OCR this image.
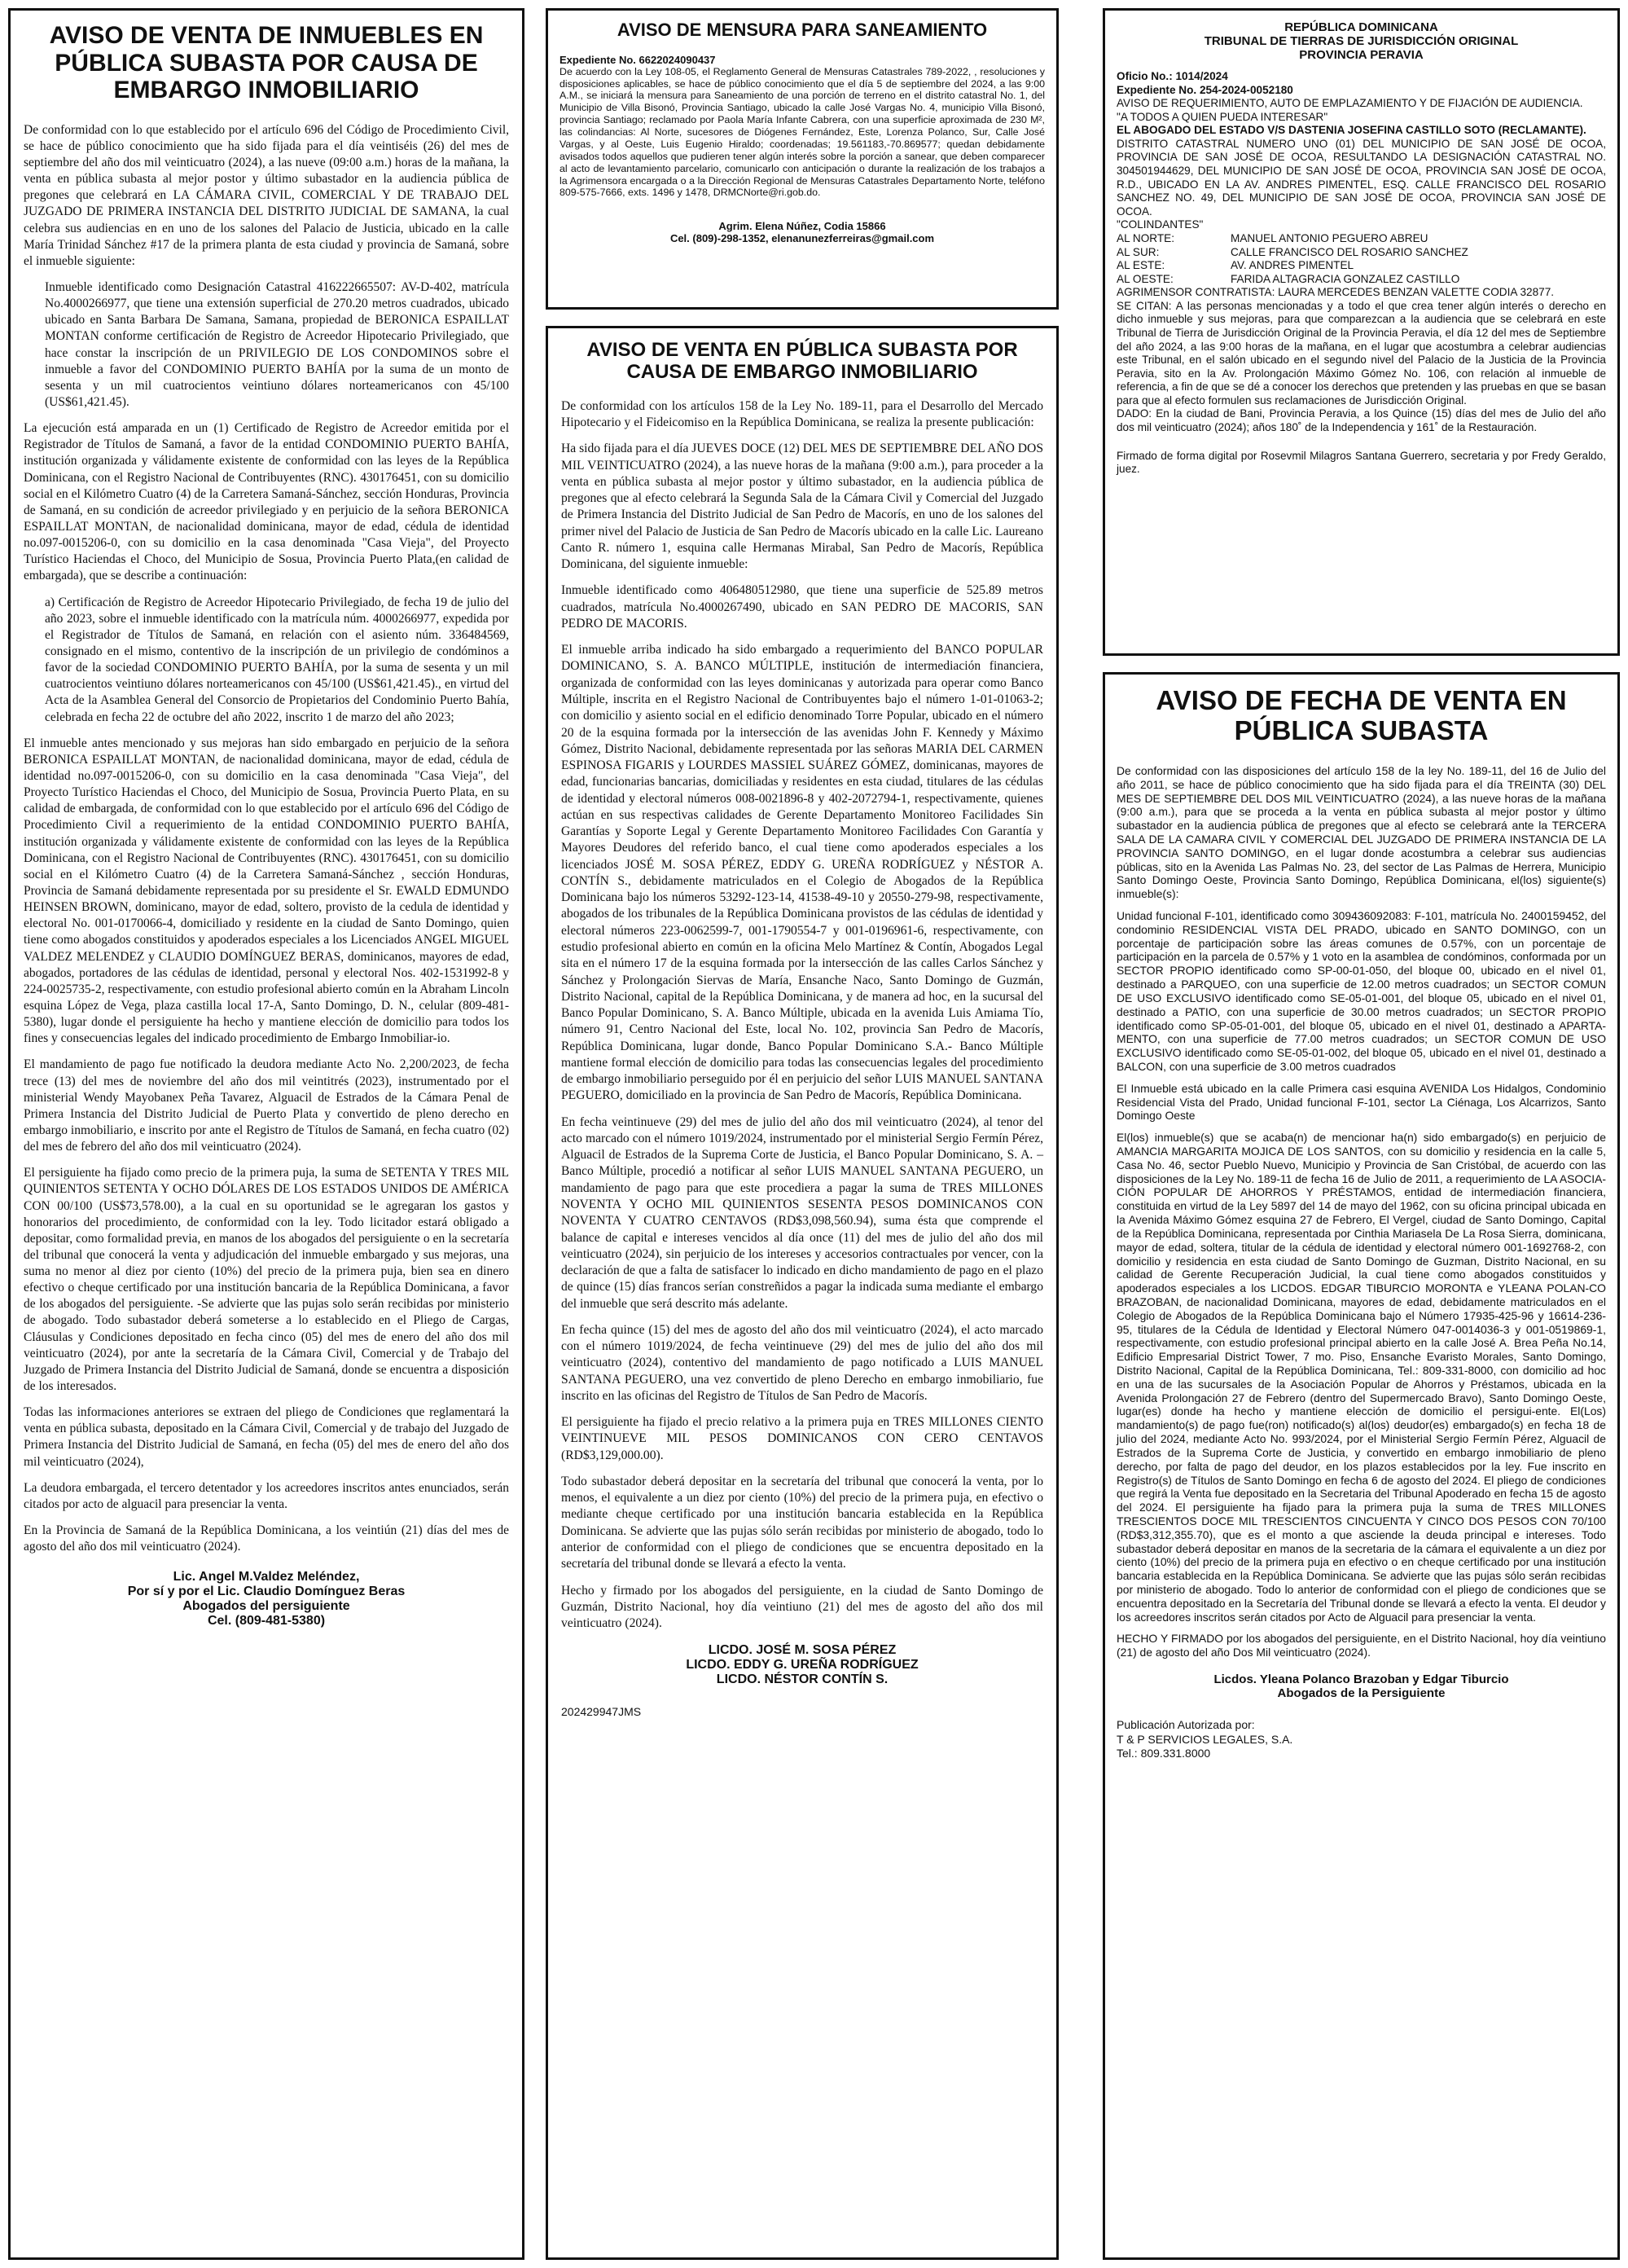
AVISO DE VENTA DE INMUEBLES EN
PÚBLICA SUBASTA POR CAUSA DE
EMBARGO INMOBILIARIO

De conformidad con lo que establecido por el artículo 696 del Código de Procedimiento Civil, se hace de público conocimiento que ha sido fijada para el día veintiséis (26) del mes de septiembre del año dos mil veinticuatro (2024), a las nueve (09:00 a.m.) horas de la mañana, la venta en pública subasta al mejor postor y último subastador en la audiencia pública de pregones que celebrará en LA CÁMARA CIVIL, COMERCIAL Y DE TRABAJO DEL JUZGADO DE PRIMERA INSTANCIA DEL DISTRITO JUDICIAL DE SAMANA, la cual celebra sus audiencias en en uno de los salones del Palacio de Justicia, ubicado en la calle María Trinidad Sánchez #17 de la primera planta de esta ciudad y provincia de Samaná, sobre el inmueble siguiente:

Inmueble identificado como Designación Catastral 416222665507: AV-D-402, matrícula No.4000266977, que tiene una extensión superficial de 270.20 metros cuadrados, ubicado ubicado en Santa Barbara De Samana, Samana, propiedad de BERONICA ESPAILLAT MONTAN conforme certificación de Registro de Acreedor Hipotecario Privilegiado, que hace constar la inscripción de un PRIVILEGIO DE LOS CONDOMINOS sobre el inmueble a favor del CONDOMINIO PUERTO BAHÍA por la suma de un monto de sesenta y un mil cuatrocientos veintiuno dólares norteamericanos con 45/100 (US$61,421.45).

La ejecución está amparada en un (1) Certificado de Registro de Acreedor emitida por el Registrador de Títulos de Samaná, a favor de la entidad CONDOMINIO PUERTO BAHÍA, institución organizada y válidamente existente de conformidad con las leyes de la República Dominicana, con el Registro Nacional de Contribuyentes (RNC). 430176451, con su domicilio social en el Kilómetro Cuatro (4) de la Carretera Samaná-Sánchez, sección Honduras, Provincia de Samaná, en su condición de acreedor privilegiado y en perjuicio de la señora BERONICA ESPAILLAT MONTAN, de nacionalidad dominicana, mayor de edad, cédula de identidad no.097-0015206-0, con su domicilio en la casa denominada "Casa Vieja", del Proyecto Turístico Haciendas el Choco, del Municipio de Sosua, Provincia Puerto Plata,(en calidad de embargada), que se describe a continuación:

a) Certificación de Registro de Acreedor Hipotecario Privilegiado, de fecha 19 de julio del año 2023, sobre el inmueble identificado con la matrícula núm. 4000266977, expedida por el Registrador de Títulos de Samaná, en relación con el asiento núm. 336484569, consignado en el mismo, contentivo de la inscripción de un privilegio de condóminos a favor de la sociedad CONDOMINIO PUERTO BAHÍA, por la suma de sesenta y un mil cuatrocientos veintiuno dólares norteamericanos con 45/100 (US$61,421.45)., en virtud del Acta de la Asamblea General del Consorcio de Propietarios del Condominio Puerto Bahía, celebrada en fecha 22 de octubre del año 2022, inscrito 1 de marzo del año 2023;

El inmueble antes mencionado y sus mejoras han sido embargado en perjuicio de la señora BERONICA ESPAILLAT MONTAN, de nacionalidad dominicana, mayor de edad, cédula de identidad no.097-0015206-0, con su domicilio en la casa denominada "Casa Vieja", del Proyecto Turístico Haciendas el Choco, del Municipio de Sosua, Provincia Puerto Plata, en su calidad de embargada, de conformidad con lo que establecido por el artículo 696 del Código de Procedimiento Civil a requerimiento de la entidad CONDOMINIO PUERTO BAHÍA, institución organizada y válidamente existente de conformidad con las leyes de la República Dominicana, con el Registro Nacional de Contribuyentes (RNC). 430176451, con su domicilio social en el Kilómetro Cuatro (4) de la Carretera Samaná-Sánchez , sección Honduras, Provincia de Samaná debidamente representada por su presidente el Sr. EWALD EDMUNDO HEINSEN BROWN, dominicano, mayor de edad, soltero, provisto de la cedula de identidad y electoral No. 001-0170066-4, domiciliado y residente en la ciudad de Santo Domingo, quien tiene como abogados constituidos y apoderados especiales a los Licenciados ANGEL MIGUEL VALDEZ MELENDEZ y CLAUDIO DOMÍNGUEZ BERAS, dominicanos, mayores de edad, abogados, portadores de las cédulas de identidad, personal y electoral Nos. 402-1531992-8 y 224-0025735-2, respectivamente, con estudio profesional abierto común en la Abraham Lincoln esquina López de Vega, plaza castilla local 17-A, Santo Domingo, D. N., celular (809-481-5380), lugar donde el persiguiente ha hecho y mantiene elección de domicilio para todos los fines y consecuencias legales del indicado procedimiento de Embargo Inmobiliar-io.

El mandamiento de pago fue notificado la deudora mediante Acto No. 2,200/2023, de fecha trece (13) del mes de noviembre del año dos mil veintitrés (2023), instrumentado por el ministerial Wendy Mayobanex Peña Tavarez, Alguacil de Estrados de la Cámara Penal de Primera Instancia del Distrito Judicial de Puerto Plata y convertido de pleno derecho en embargo inmobiliario, e inscrito por ante el Registro de Títulos de Samaná, en fecha cuatro (02) del mes de febrero del año dos mil veinticuatro (2024).

El persiguiente ha fijado como precio de la primera puja, la suma de SETENTA Y TRES MIL QUINIENTOS SETENTA Y OCHO DÓLARES DE LOS ESTADOS UNIDOS DE AMÉRICA CON 00/100 (US$73,578.00), a la cual en su oportunidad se le agregaran los gastos y honorarios del procedimiento, de conformidad con la ley. Todo licitador estará obligado a depositar, como formalidad previa, en manos de los abogados del persiguiente o en la secretaría del tribunal que conocerá la venta y adjudicación del inmueble embargado y sus mejoras, una suma no menor al diez por ciento (10%) del precio de la primera puja, bien sea en dinero efectivo o cheque certificado por una institución bancaria de la República Dominicana, a favor de los abogados del persiguiente. -Se advierte que las pujas solo serán recibidas por ministerio de abogado. Todo subastador deberá someterse a lo establecido en el Pliego de Cargas, Cláusulas y Condiciones depositado en fecha cinco (05) del mes de enero del año dos mil veinticuatro (2024), por ante la secretaría de la Cámara Civil, Comercial y de Trabajo del Juzgado de Primera Instancia del Distrito Judicial de Samaná, donde se encuentra a disposición de los interesados.

Todas las informaciones anteriores se extraen del pliego de Condiciones que reglamentará la venta en pública subasta, depositado en la Cámara Civil, Comercial y de trabajo del Juzgado de Primera Instancia del Distrito Judicial de Samaná, en fecha (05) del mes de enero del año dos mil veinticuatro (2024),

La deudora embargada, el tercero detentador y los acreedores inscritos antes enunciados, serán citados por acto de alguacil para presenciar la venta.

En la Provincia de Samaná de la República Dominicana, a los veintiún (21) días del mes de agosto del año dos mil veinticuatro (2024).

Lic. Angel M.Valdez Meléndez,
Por sí y por el Lic. Claudio Domínguez Beras
Abogados del persiguiente
Cel. (809-481-5380)
AVISO DE MENSURA PARA SANEAMIENTO
Expediente No. 6622024090437
De acuerdo con la Ley 108-05, el Reglamento General de Mensuras Catastrales 789-2022, , resoluciones y disposiciones aplicables, se hace de público conocimiento que el día 5 de septiembre del 2024, a las 9:00 A.M., se iniciará la mensura para Saneamiento de una porción de terreno en el distrito catastral No. 1, del Municipio de Villa Bisonó, Provincia Santiago, ubicado la calle José Vargas No. 4, municipio Villa Bisonó, provincia Santiago; reclamado por Paola María Infante Cabrera, con una superficie aproximada de 230 M², las colindancias: Al Norte, sucesores de Diógenes Fernández, Este, Lorenza Polanco, Sur, Calle José Vargas, y al Oeste, Luis Eugenio Hiraldo; coordenadas; 19.561183,-70.869577; quedan debidamente avisados todos aquellos que pudieren tener algún interés sobre la porción a sanear, que deben comparecer al acto de levantamiento parcelario, comunicarlo con anticipación o durante la realización de los trabajos a la Agrimensora encargada o a la Dirección Regional de Mensuras Catastrales Departamento Norte, teléfono 809-575-7666, exts. 1496 y 1478, DRMCNorte@ri.gob.do.
Agrim. Elena Núñez, Codia 15866
Cel. (809)-298-1352, elenanunezferreiras@gmail.com
AVISO DE VENTA EN PÚBLICA SUBASTA POR
CAUSA DE EMBARGO INMOBILIARIO

De conformidad con los artículos 158 de la Ley No. 189-11, para el Desarrollo del Mercado Hipotecario y el Fideicomiso en la República Dominicana, se realiza la presente publicación:

Ha sido fijada para el día JUEVES DOCE (12) DEL MES DE SEPTIEMBRE DEL AÑO DOS MIL VEINTICUATRO (2024), a las nueve horas de la mañana (9:00 a.m.), para proceder a la venta en pública subasta al mejor postor y último subastador, en la audiencia pública de pregones que al efecto celebrará la Segunda Sala de la Cámara Civil y Comercial del Juzgado de Primera Instancia del Distrito Judicial de San Pedro de Macorís, en uno de los salones del primer nivel del Palacio de Justicia de San Pedro de Macorís ubicado en la calle Lic. Laureano Canto R. número 1, esquina calle Hermanas Mirabal, San Pedro de Macorís, República Dominicana, del siguiente inmueble:

Inmueble identificado como 406480512980, que tiene una superficie de 525.89 metros cuadrados, matrícula No.4000267490, ubicado en SAN PEDRO DE MACORIS, SAN PEDRO DE MACORIS.

El inmueble arriba indicado ha sido embargado a requerimiento del BANCO POPULAR DOMINICANO, S. A. BANCO MÚLTIPLE, institución de intermediación financiera, organizada de conformidad con las leyes dominicanas y autorizada para operar como Banco Múltiple, inscrita en el Registro Nacional de Contribuyentes bajo el número 1-01-01063-2; con domicilio y asiento social en el edificio denominado Torre Popular, ubicado en el número 20 de la esquina formada por la intersección de las avenidas John F. Kennedy y Máximo Gómez, Distrito Nacional, debidamente representada por las señoras MARIA DEL CARMEN ESPINOSA FIGARIS y LOURDES MASSIEL SUÁREZ GÓMEZ, dominicanas, mayores de edad, funcionarias bancarias, domiciliadas y residentes en esta ciudad, titulares de las cédulas de identidad y electoral números 008-0021896-8 y 402-2072794-1, respectivamente, quienes actúan en sus respectivas calidades de Gerente Departamento Monitoreo Facilidades Sin Garantías y Soporte Legal y Gerente Departamento Monitoreo Facilidades Con Garantía y Mayores Deudores del referido banco, el cual tiene como apoderados especiales a los licenciados JOSÉ M. SOSA PÉREZ, EDDY G. UREÑA RODRÍGUEZ y NÉSTOR A. CONTÍN S., debidamente matriculados en el Colegio de Abogados de la República Dominicana bajo los números 53292-123-14, 41538-49-10 y 20550-279-98, respectivamente, abogados de los tribunales de la República Dominicana provistos de las cédulas de identidad y electoral números 223-0062599-7, 001-1790554-7 y 001-0196961-6, respectivamente, con estudio profesional abierto en común en la oficina Melo Martínez & Contín, Abogados Legal sita en el número 17 de la esquina formada por la intersección de las calles Carlos Sánchez y Sánchez y Prolongación Siervas de María, Ensanche Naco, Santo Domingo de Guzmán, Distrito Nacional, capital de la República Dominicana, y de manera ad hoc, en la sucursal del Banco Popular Dominicano, S. A. Banco Múltiple, ubicada en la avenida Luis Amiama Tío, número 91, Centro Nacional del Este, local No. 102, provincia San Pedro de Macorís, República Dominicana, lugar donde, Banco Popular Dominicano S.A.- Banco Múltiple mantiene formal elección de domicilio para todas las consecuencias legales del procedimiento de embargo inmobiliario perseguido por él en perjuicio del señor LUIS MANUEL SANTANA PEGUERO, domiciliado en la provincia de San Pedro de Macorís, República Dominicana.

En fecha veintinueve (29) del mes de julio del año dos mil veinticuatro (2024), al tenor del acto marcado con el número 1019/2024, instrumentado por el ministerial Sergio Fermín Pérez, Alguacil de Estrados de la Suprema Corte de Justicia, el Banco Popular Dominicano, S. A. – Banco Múltiple, procedió a notificar al señor LUIS MANUEL SANTANA PEGUERO, un mandamiento de pago para que este procediera a pagar la suma de TRES MILLONES NOVENTA Y OCHO MIL QUINIENTOS SESENTA PESOS DOMINICANOS CON NOVENTA Y CUATRO CENTAVOS (RD$3,098,560.94), suma ésta que comprende el balance de capital e intereses vencidos al día once (11) del mes de julio del año dos mil veinticuatro (2024), sin perjuicio de los intereses y accesorios contractuales por vencer, con la declaración de que a falta de satisfacer lo indicado en dicho mandamiento de pago en el plazo de quince (15) días francos serían constreñidos a pagar la indicada suma mediante el embargo del inmueble que será descrito más adelante.

En fecha quince (15) del mes de agosto del año dos mil veinticuatro (2024), el acto marcado con el número 1019/2024, de fecha veintinueve (29) del mes de julio del año dos mil veinticuatro (2024), contentivo del mandamiento de pago notificado a LUIS MANUEL SANTANA PEGUERO, una vez convertido de pleno Derecho en embargo inmobiliario, fue inscrito en las oficinas del Registro de Títulos de San Pedro de Macorís.

El persiguiente ha fijado el precio relativo a la primera puja en TRES MILLONES CIENTO VEINTINUEVE MIL PESOS DOMINICANOS CON CERO CENTAVOS (RD$3,129,000.00).

Todo subastador deberá depositar en la secretaría del tribunal que conocerá la venta, por lo menos, el equivalente a un diez por ciento (10%) del precio de la primera puja, en efectivo o mediante cheque certificado por una institución bancaria establecida en la República Dominicana. Se advierte que las pujas sólo serán recibidas por ministerio de abogado, todo lo anterior de conformidad con el pliego de condiciones que se encuentra depositado en la secretaría del tribunal donde se llevará a efecto la venta.

Hecho y firmado por los abogados del persiguiente, en la ciudad de Santo Domingo de Guzmán, Distrito Nacional, hoy día veintiuno (21) del mes de agosto del año dos mil veinticuatro (2024).

LICDO. JOSÉ M. SOSA PÉREZ
LICDO. EDDY G. UREÑA RODRÍGUEZ
LICDO. NÉSTOR CONTÍN S.
202429947JMS
REPÚBLICA DOMINICANA
TRIBUNAL DE TIERRAS DE JURISDICCIÓN ORIGINAL
PROVINCIA PERAVIA
Oficio No.: 1014/2024
Expediente No. 254-2024-0052180
AVISO DE REQUERIMIENTO, AUTO DE EMPLAZAMIENTO Y DE FIJACIÓN DE AUDIENCIA.
"A TODOS A QUIEN PUEDA INTERESAR"
EL ABOGADO DEL ESTADO V/S DASTENIA JOSEFINA CASTILLO SOTO (RECLAMANTE).
DISTRITO CATASTRAL NUMERO UNO (01) DEL MUNICIPIO DE SAN JOSÉ DE OCOA, PROVINCIA DE SAN JOSÉ DE OCOA, RESULTANDO LA DESIGNACIÓN CATASTRAL NO. 304501944629, DEL MUNICIPIO DE SAN JOSÉ DE OCOA, PROVINCIA SAN JOSÉ DE OCOA, R.D., UBICADO EN LA AV. ANDRES PIMENTEL, ESQ. CALLE FRANCISCO DEL ROSARIO SANCHEZ NO. 49, DEL MUNICIPIO DE SAN JOSÉ DE OCOA, PROVINCIA SAN JOSÉ DE OCOA.
"COLINDANTES"
AL NORTE:	MANUEL ANTONIO PEGUERO ABREU
AL SUR:	CALLE FRANCISCO DEL ROSARIO SANCHEZ
AL ESTE:	AV. ANDRES PIMENTEL
AL OESTE:	FARIDA ALTAGRACIA GONZALEZ CASTILLO
AGRIMENSOR CONTRATISTA: LAURA MERCEDES BENZAN VALETTE CODIA 32877.
SE CITAN: A las personas mencionadas y a todo el que crea tener algún interés o derecho en dicho inmueble y sus mejoras, para que comparezcan a la audiencia que se celebrará en este Tribunal de Tierra de Jurisdicción Original de la Provincia Peravia, el día 12 del mes de Septiembre del año 2024, a las 9:00 horas de la mañana, en el lugar que acostumbra a celebrar audiencias este Tribunal, en el salón ubicado en el segundo nivel del Palacio de la Justicia de la Provincia Peravia, sito en la Av. Prolongación Máximo Gómez No. 106, con relación al inmueble de referencia, a fin de que se dé a conocer los derechos que pretenden y las pruebas en que se basan para que al efecto formulen sus reclamaciones de Jurisdicción Original.
DADO: En la ciudad de Bani, Provincia Peravia, a los Quince (15) días del mes de Julio del año dos mil veinticuatro (2024); años 180˚ de la Independencia y 161˚ de la Restauración.
Firmado de forma digital por Rosevmil Milagros Santana Guerrero, secretaria y por Fredy Geraldo, juez.
AVISO DE FECHA DE VENTA EN
PÚBLICA SUBASTA

De conformidad con las disposiciones del artículo 158 de la ley No. 189-11, del 16 de Julio del año 2011, se hace de público conocimiento que ha sido fijada para el día TREINTA (30) DEL MES DE SEPTIEMBRE DEL DOS MIL VEINTICUATRO (2024), a las nueve horas de la mañana (9:00 a.m.), para que se proceda a la venta en pública subasta al mejor postor y último subastador en la audiencia pública de pregones que al efecto se celebrará ante la TERCERA SALA DE LA CAMARA CIVIL Y COMERCIAL DEL JUZGADO DE PRIMERA INSTANCIA DE LA PROVINCIA SANTO DOMINGO, en el lugar donde acostumbra a celebrar sus audiencias públicas, sito en la Avenida Las Palmas No. 23, del sector de Las Palmas de Herrera, Municipio Santo Domingo Oeste, Provincia Santo Domingo, República Dominicana, el(los) siguiente(s) inmueble(s):

Unidad funcional F-101, identificado como 309436092083: F-101, matrícula No. 2400159452, del condominio RESIDENCIAL VISTA DEL PRADO, ubicado en SANTO DOMINGO, con un porcentaje de participación sobre las áreas comunes de 0.57%, con un porcentaje de participación en la parcela de 0.57% y 1 voto en la asamblea de condóminos, conformada por un SECTOR PROPIO identificado como SP-00-01-050, del bloque 00, ubicado en el nivel 01, destinado a PARQUEO, con una superficie de 12.00 metros cuadrados; un SECTOR COMUN DE USO EXCLUSIVO identificado como SE-05-01-001, del bloque 05, ubicado en el nivel 01, destinado a PATIO, con una superficie de 30.00 metros cuadrados; un SECTOR PROPIO identificado como SP-05-01-001, del bloque 05, ubicado en el nivel 01, destinado a APARTA-MENTO, con una superficie de 77.00 metros cuadrados; un SECTOR COMUN DE USO EXCLUSIVO identificado como SE-05-01-002, del bloque 05, ubicado en el nivel 01, destinado a BALCON, con una superficie de 3.00 metros cuadrados

El Inmueble está ubicado en la calle Primera casi esquina AVENIDA Los Hidalgos, Condominio Residencial Vista del Prado, Unidad funcional F-101, sector La Ciénaga, Los Alcarrizos, Santo Domingo Oeste

El(los) inmueble(s) que se acaba(n) de mencionar ha(n) sido embargado(s) en perjuicio de AMANCIA MARGARITA MOJICA DE LOS SANTOS, con su domicilio y residencia en la calle 5, Casa No. 46, sector Pueblo Nuevo, Municipio y Provincia de San Cristóbal, de acuerdo con las disposiciones de la Ley No. 189-11 de fecha 16 de Julio de 2011, a requerimiento de LA ASOCIA-CIÓN POPULAR DE AHORROS Y PRÉSTAMOS, entidad de intermediación financiera, constituida en virtud de la Ley 5897 del 14 de mayo del 1962, con su oficina principal ubicada en la Avenida Máximo Gómez esquina 27 de Febrero, El Vergel, ciudad de Santo Domingo, Capital de la República Dominicana, representada por Cinthia Mariasela De La Rosa Sierra, dominicana, mayor de edad, soltera, titular de la cédula de identidad y electoral número 001-1692768-2, con domicilio y residencia en esta ciudad de Santo Domingo de Guzman, Distrito Nacional, en su calidad de Gerente Recuperación Judicial, la cual tiene como abogados constituidos y apoderados especiales a los LICDOS. EDGAR TIBURCIO MORONTA e YLEANA POLAN-CO BRAZOBAN, de nacionalidad Dominicana, mayores de edad, debidamente matriculados en el Colegio de Abogados de la República Dominicana bajo el Número 17935-425-96 y 16614-236-95, titulares de la Cédula de Identidad y Electoral Número 047-0014036-3 y 001-0519869-1, respectivamente, con estudio profesional principal abierto en la calle José A. Brea Peña No.14, Edificio Empresarial District Tower, 7 mo. Piso, Ensanche Evaristo Morales, Santo Domingo, Distrito Nacional, Capital de la República Dominicana, Tel.: 809-331-8000, con domicilio ad hoc en una de las sucursales de la Asociación Popular de Ahorros y Préstamos, ubicada en la Avenida Prolongación 27 de Febrero (dentro del Supermercado Bravo), Santo Domingo Oeste, lugar(es) donde ha hecho y mantiene elección de domicilio el persigui-ente. El(Los) mandamiento(s) de pago fue(ron) notificado(s) al(los) deudor(es) embargado(s) en fecha 18 de julio del 2024, mediante Acto No. 993/2024, por el Ministerial Sergio Fermín Pérez, Alguacil de Estrados de la Suprema Corte de Justicia, y convertido en embargo inmobiliario de pleno derecho, por falta de pago del deudor, en los plazos establecidos por la ley. Fue inscrito en Registro(s) de Títulos de Santo Domingo en fecha 6 de agosto del 2024. El pliego de condiciones que regirá la Venta fue depositado en la Secretaria del Tribunal Apoderado en fecha 15 de agosto del 2024. El persiguiente ha fijado para la primera puja la suma de TRES MILLONES TRESCIENTOS DOCE MIL TRESCIENTOS CINCUENTA Y CINCO DOS PESOS CON 70/100 (RD$3,312,355.70), que es el monto a que asciende la deuda principal e intereses. Todo subastador deberá depositar en manos de la secretaria de la cámara el equivalente a un diez por ciento (10%) del precio de la primera puja en efectivo o en cheque certificado por una institución bancaria establecida en la República Dominicana. Se advierte que las pujas sólo serán recibidas por ministerio de abogado. Todo lo anterior de conformidad con el pliego de condiciones que se encuentra depositado en la Secretaría del Tribunal donde se llevará a efecto la venta. El deudor y los acreedores inscritos serán citados por Acto de Alguacil para presenciar la venta.

HECHO Y FIRMADO por los abogados del persiguiente, en el Distrito Nacional, hoy día veintiuno (21) de agosto del año Dos Mil veinticuatro (2024).

Licdos. Yleana Polanco Brazoban y Edgar Tiburcio
Abogados de la Persiguiente
Publicación Autorizada por:
T & P SERVICIOS LEGALES, S.A.
Tel.: 809.331.8000
